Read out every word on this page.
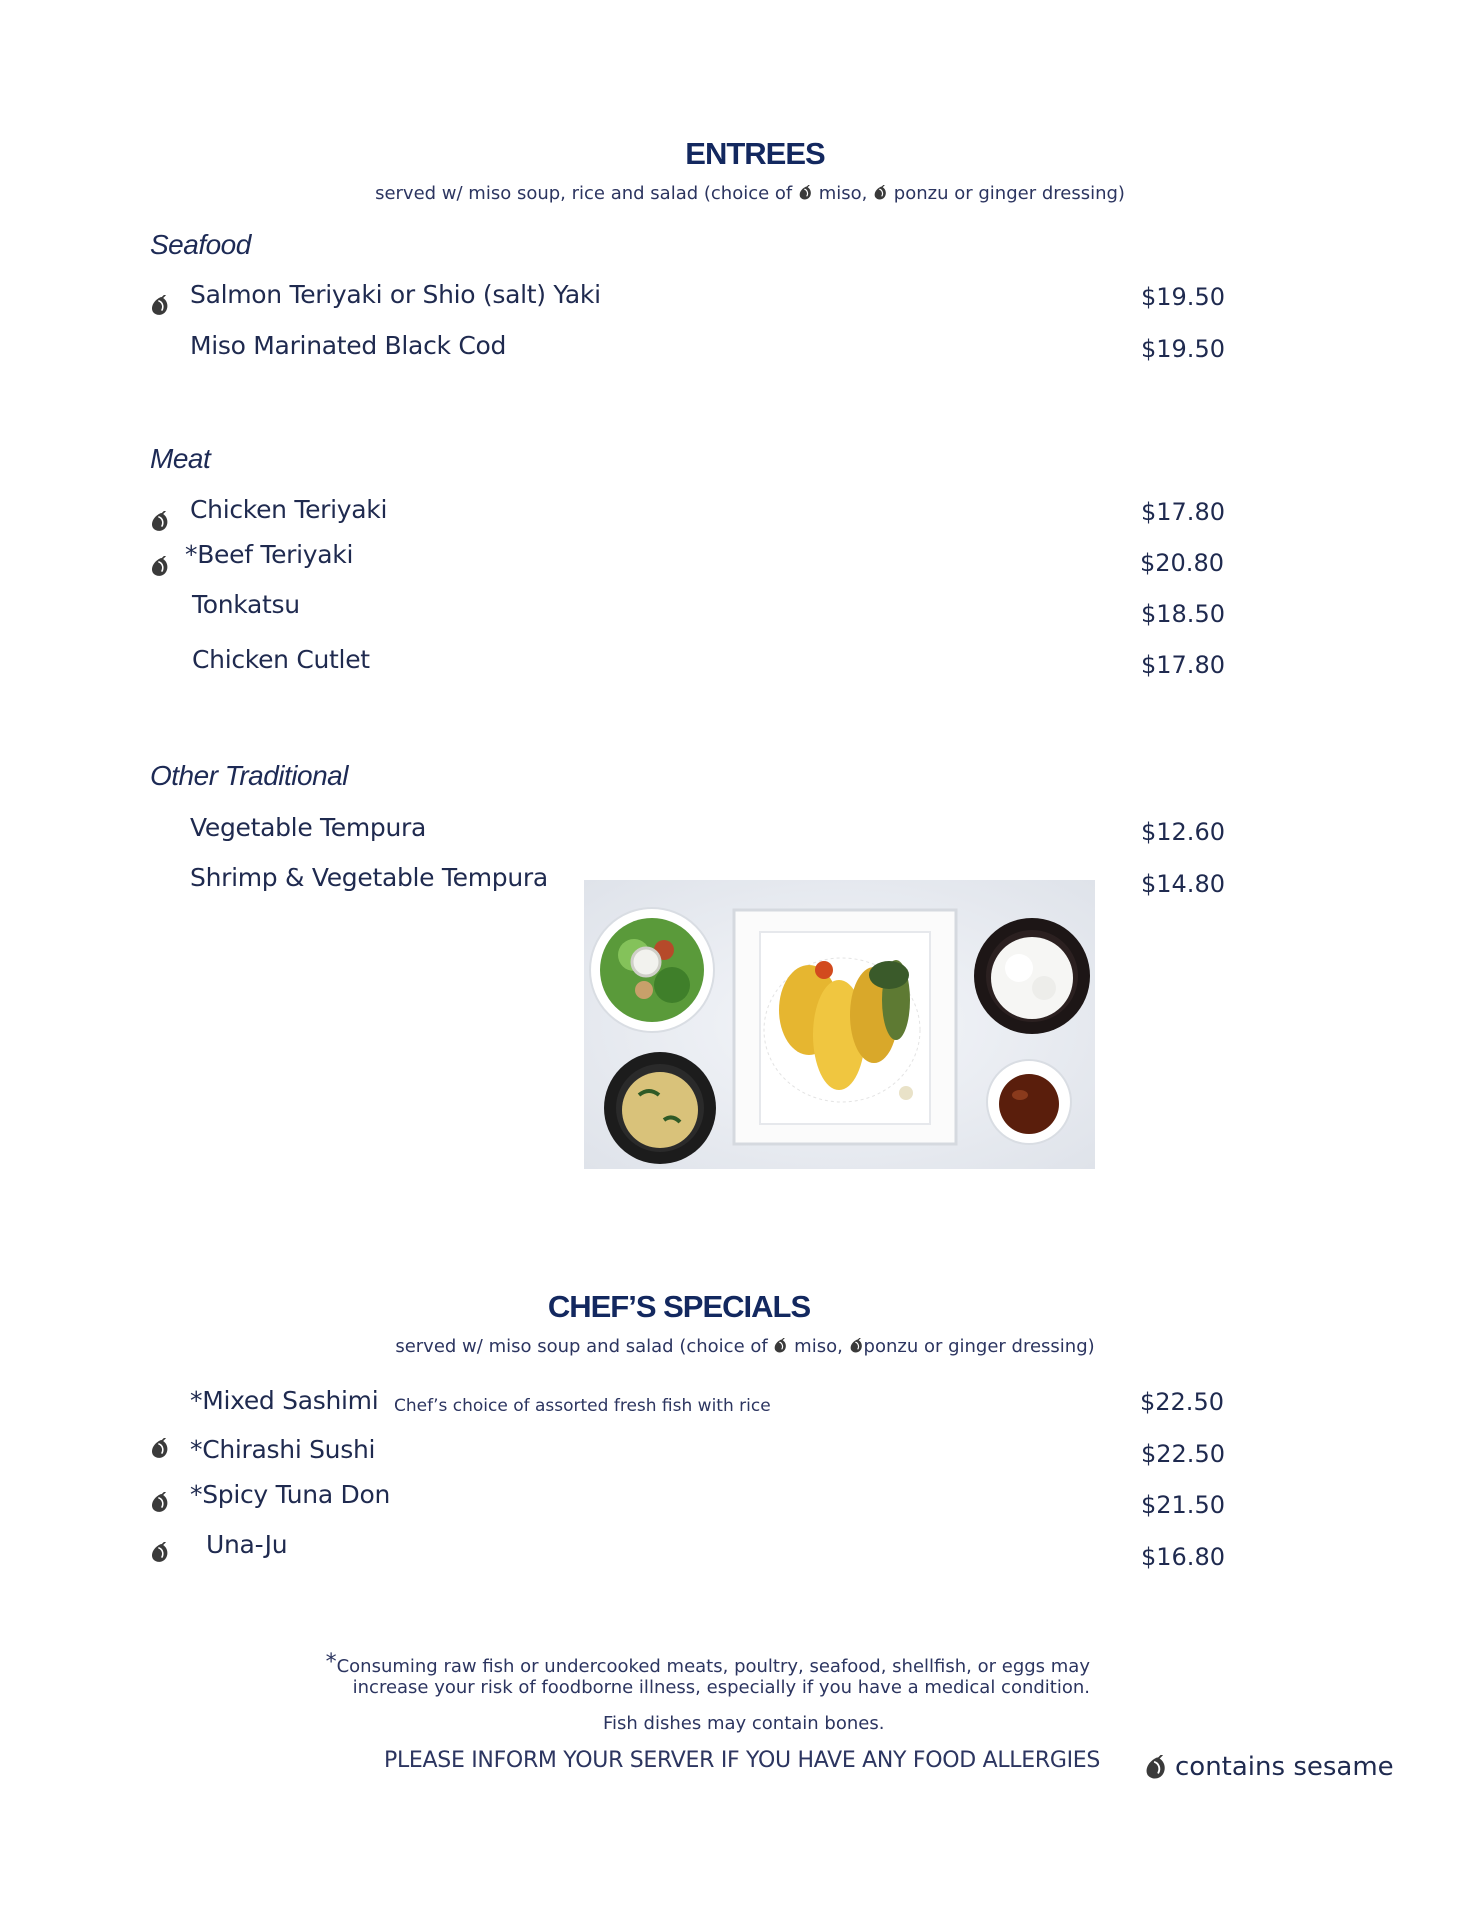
ENTREES
served w/ miso soup, rice and salad (choice of
miso,
ponzu or ginger dressing)
Seafood
Salmon Teriyaki or Shio (salt) Yaki	$19.50
Miso Marinated Black Cod	$19.50
Meat
Chicken Teriyaki	$17.80
*Beef Teriyaki	$20.80
Tonkatsu	$18.50
Chicken Cutlet	$17.80
Other Traditional
Vegetable Tempura	$12.60
Shrimp & Vegetable Tempura	$14.80
CHEF’S SPECIALS
served w/ miso soup and salad (choice of
miso,
ponzu or ginger dressing)
*Mixed Sashimi Chef’s choice of assorted fresh fish with rice	$22.50
*Chirashi Sushi	$22.50
*Spicy Tuna Don	$21.50
Una-Ju	$16.80
*Consuming raw fish or undercooked meats, poultry, seafood, shellfish, or eggs may
increase your risk of foodborne illness, especially if you have a medical condition.
Fish dishes may contain bones.
PLEASE INFORM YOUR SERVER IF YOU HAVE ANY FOOD ALLERGIES	contains sesame
